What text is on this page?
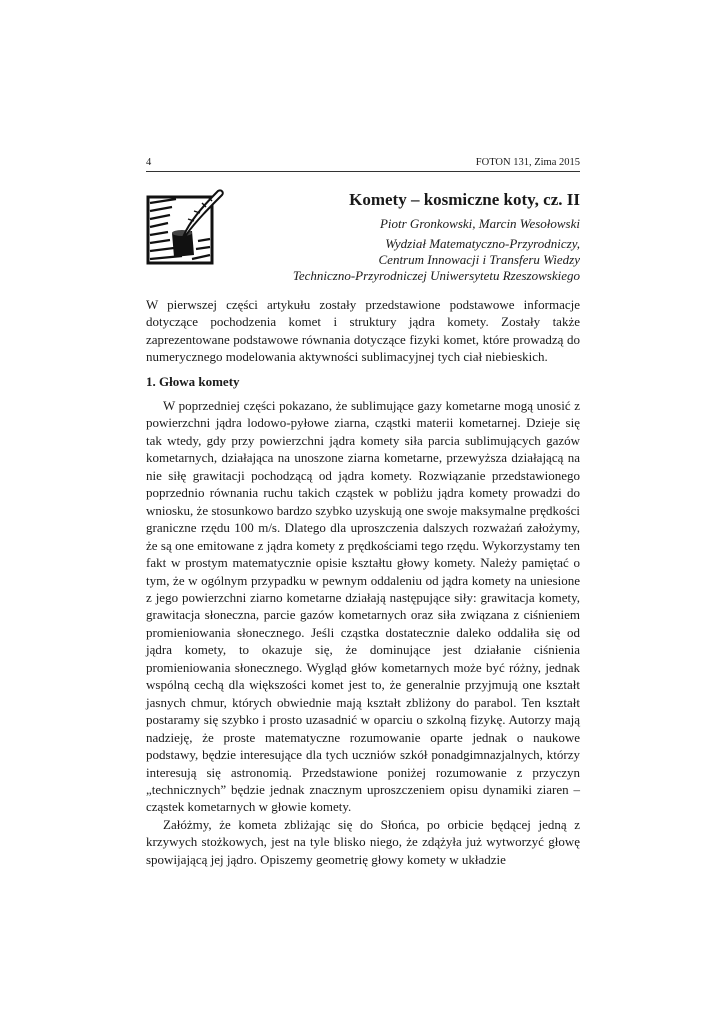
4	FOTON 131, Zima 2015
Komety – kosmiczne koty, cz. II
Piotr Gronkowski, Marcin Wesołowski
Wydział Matematyczno-Przyrodniczy,
Centrum Innowacji i Transferu Wiedzy
Techniczno-Przyrodniczej Uniwersytetu Rzeszowskiego

W pierwszej części artykułu zostały przedstawione podstawowe informacje dotyczące pochodzenia komet i struktury jądra komety. Zostały także zaprezentowane podstawowe równania dotyczące fizyki komet, które prowadzą do numerycznego modelowania aktywności sublimacyjnej tych ciał niebieskich.

1. Głowa komety

W poprzedniej części pokazano, że sublimujące gazy kometarne mogą unosić z powierzchni jądra lodowo-pyłowe ziarna, cząstki materii kometarnej. Dzieje się tak wtedy, gdy przy powierzchni jądra komety siła parcia sublimujących gazów kometarnych, działająca na unoszone ziarna kometarne, przewyższa działającą na nie siłę grawitacji pochodzącą od jądra komety. Rozwiązanie przedstawionego poprzednio równania ruchu takich cząstek w pobliżu jądra komety prowadzi do wniosku, że stosunkowo bardzo szybko uzyskują one swoje maksymalne prędkości graniczne rzędu 100 m/s. Dlatego dla uproszczenia dalszych rozważań założymy, że są one emitowane z jądra komety z prędkościami tego rzędu. Wykorzystamy ten fakt w prostym matematycznie opisie kształtu głowy komety. Należy pamiętać o tym, że w ogólnym przypadku w pewnym oddaleniu od jądra komety na uniesione z jego powierzchni ziarno kometarne działają następujące siły: grawitacja komety, grawitacja słoneczna, parcie gazów kometarnych oraz siła związana z ciśnieniem promieniowania słonecznego. Jeśli cząstka dostatecznie daleko oddaliła się od jądra komety, to okazuje się, że dominujące jest działanie ciśnienia promieniowania słonecznego. Wygląd głów kometarnych może być różny, jednak wspólną cechą dla większości komet jest to, że generalnie przyjmują one kształt jasnych chmur, których obwiednie mają kształt zbliżony do parabol. Ten kształt postaramy się szybko i prosto uzasadnić w oparciu o szkolną fizykę. Autorzy mają nadzieję, że proste matematyczne rozumowanie oparte jednak o naukowe podstawy, będzie interesujące dla tych uczniów szkół ponadgimnazjalnych, którzy interesują się astronomią. Przedstawione poniżej rozumowanie z przyczyn „technicznych” będzie jednak znacznym uproszczeniem opisu dynamiki ziaren – cząstek kometarnych w głowie komety.

Załóżmy, że kometa zbliżając się do Słońca, po orbicie będącej jedną z krzywych stożkowych, jest na tyle blisko niego, że zdążyła już wytworzyć głowę spowijającą jej jądro. Opiszemy geometrię głowy komety w układzie
